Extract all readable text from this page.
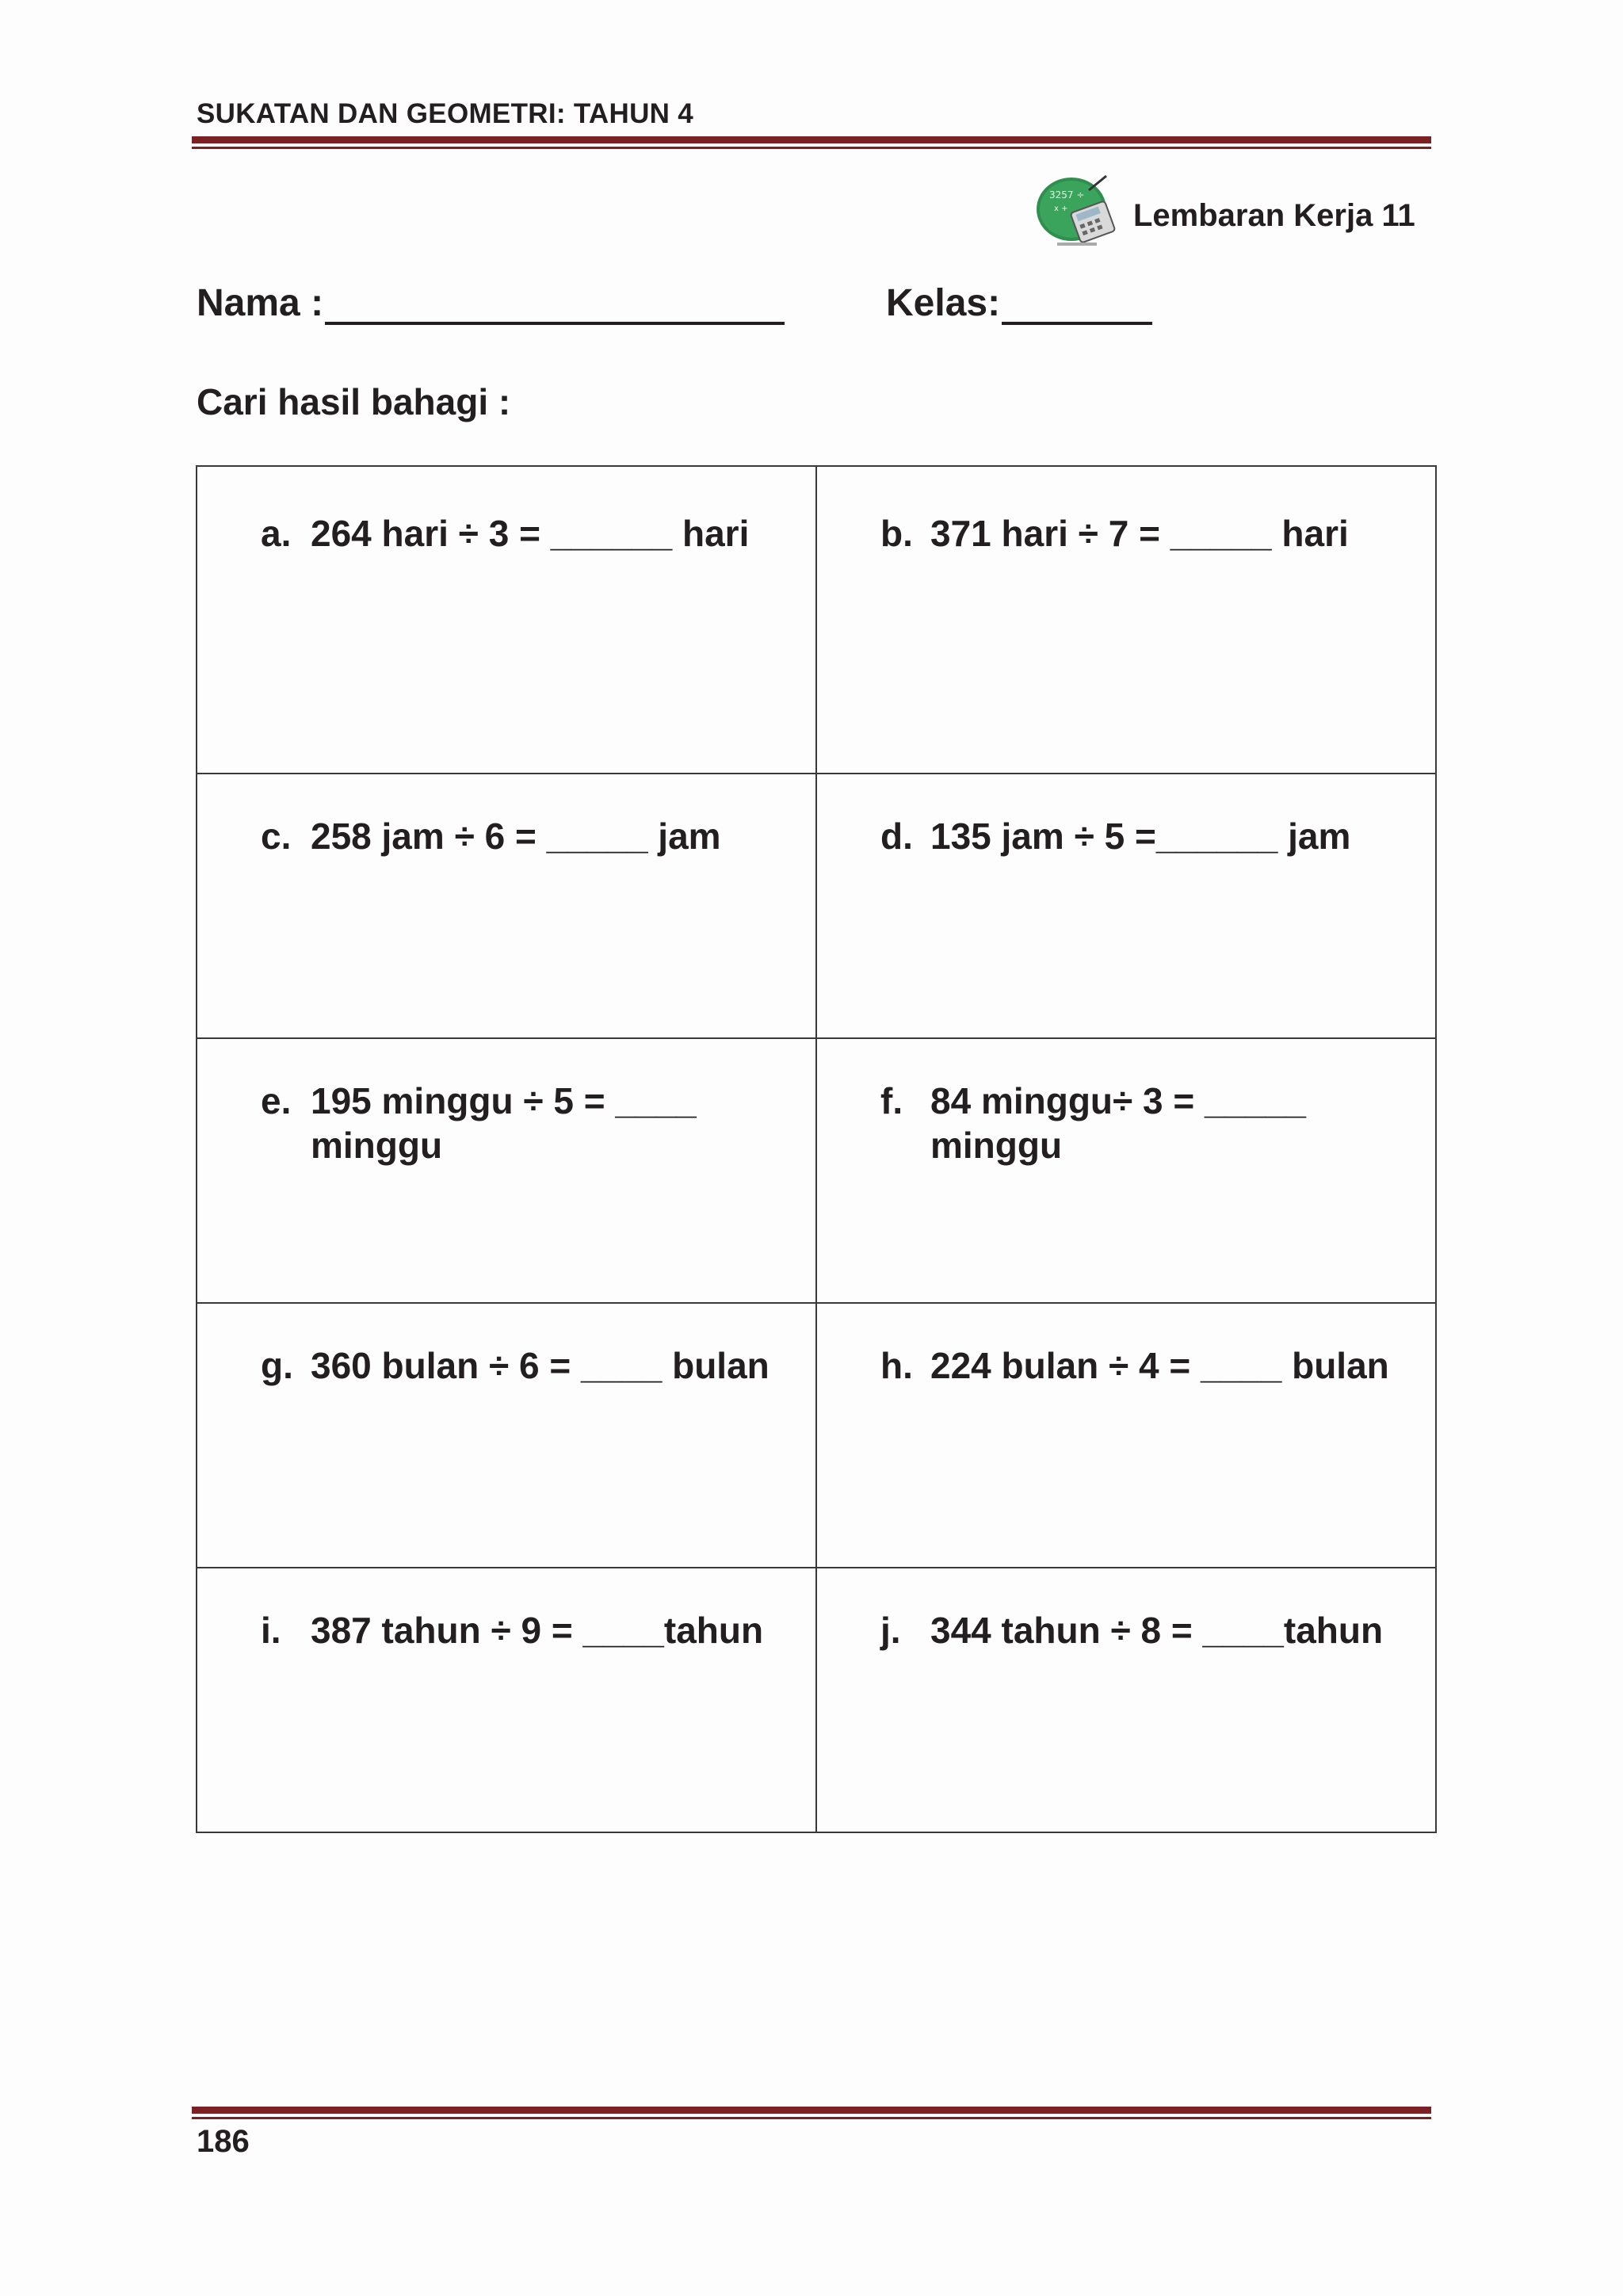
SUKATAN DAN GEOMETRI: TAHUN 4
3257 ÷
x + Lembaran Kerja 11
Nama :	Kelas:
Cari hasil bahagi :
a. 264 hari ÷ 3 = ______ hari	b. 371 hari ÷ 7 = _____ hari

c. 258 jam ÷ 6 = _____ jam	d. 135 jam ÷ 5 =______ jam

e. 195 minggu ÷ 5 = ____ minggu	f. 84 minggu÷ 3 = _____ minggu

g. 360 bulan ÷ 6 = ____ bulan	h. 224 bulan ÷ 4 = ____ bulan

i. 387 tahun ÷ 9 = ____tahun	j. 344 tahun ÷ 8 = ____tahun
186
